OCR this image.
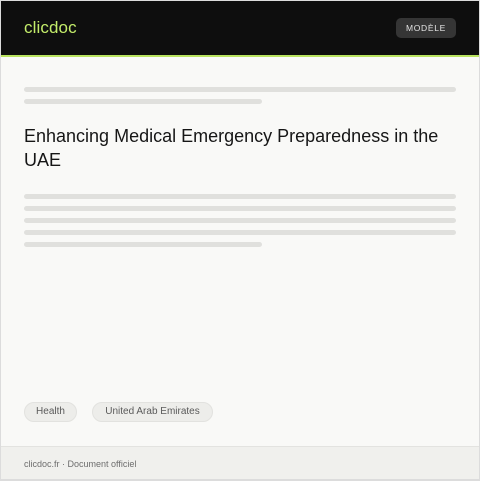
clicdoc	MODÈLE
Enhancing Medical Emergency Preparedness in the UAE
Health	United Arab Emirates
clicdoc.fr · Document officiel
